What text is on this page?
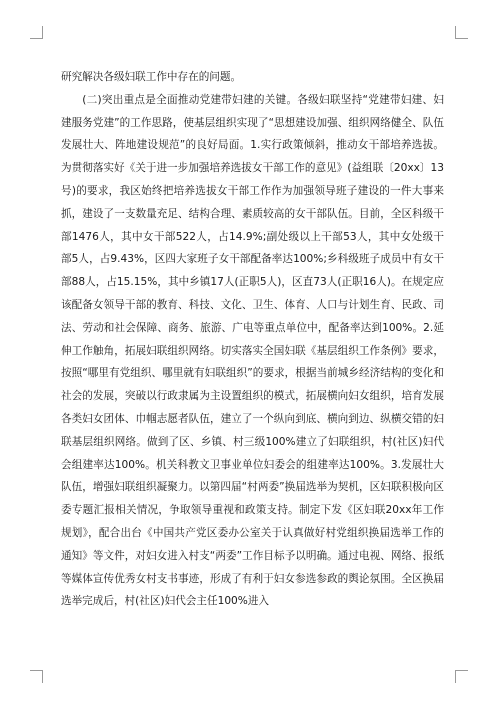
研究解决各级妇联工作中存在的问题。

(二)突出重点是全面推动党建带妇建的关键。各级妇联坚持“党建带妇建、妇建服务党建”的工作思路，使基层组织实现了“思想建设加强、组织网络健全、队伍发展壮大、阵地建设规范”的良好局面。1.实行政策倾斜，推动女干部培养选拔。为贯彻落实好《关于进一步加强培养选拔女干部工作的意见》(益组联〔20xx〕13号)的要求，我区始终把培养选拔女干部工作作为加强领导班子建设的一件大事来抓，建设了一支数量充足、结构合理、素质较高的女干部队伍。目前，全区科级干部1476人，其中女干部522人，占14.9%;副处级以上干部53人，其中女处级干部5人，占9.43%，区四大家班子女干部配备率达100%;乡科级班子成员中有女干部88人，占15.15%，其中乡镇17人(正职5人)，区直73人(正职16人)。在规定应该配备女领导干部的教育、科技、文化、卫生、体育、人口与计划生育、民政、司法、劳动和社会保障、商务、旅游、广电等重点单位中，配备率达到100%。2.延伸工作触角，拓展妇联组织网络。切实落实全国妇联《基层组织工作条例》要求，按照“哪里有党组织、哪里就有妇联组织”的要求，根据当前城乡经济结构的变化和社会的发展，突破以行政隶属为主设置组织的模式，拓展横向妇女组织，培育发展各类妇女团体、巾帼志愿者队伍，建立了一个纵向到底、横向到边、纵横交错的妇联基层组织网络。做到了区、乡镇、村三级100%建立了妇联组织，村(社区)妇代会组建率达100%。机关科教文卫事业单位妇委会的组建率达100%。3.发展壮大队伍，增强妇联组织凝聚力。以第四届“村两委”换届选举为契机，区妇联积极向区委专题汇报相关情况，争取领导重视和政策支持。制定下发《区妇联20xx年工作规划》，配合出台《中国共产党区委办公室关于认真做好村党组织换届选举工作的通知》等文件，对妇女进入村支“两委”工作目标予以明确。通过电视、网络、报纸等媒体宣传优秀女村支书事迹，形成了有利于妇女参选参政的舆论氛围。全区换届选举完成后，村(社区)妇代会主任100%进入
